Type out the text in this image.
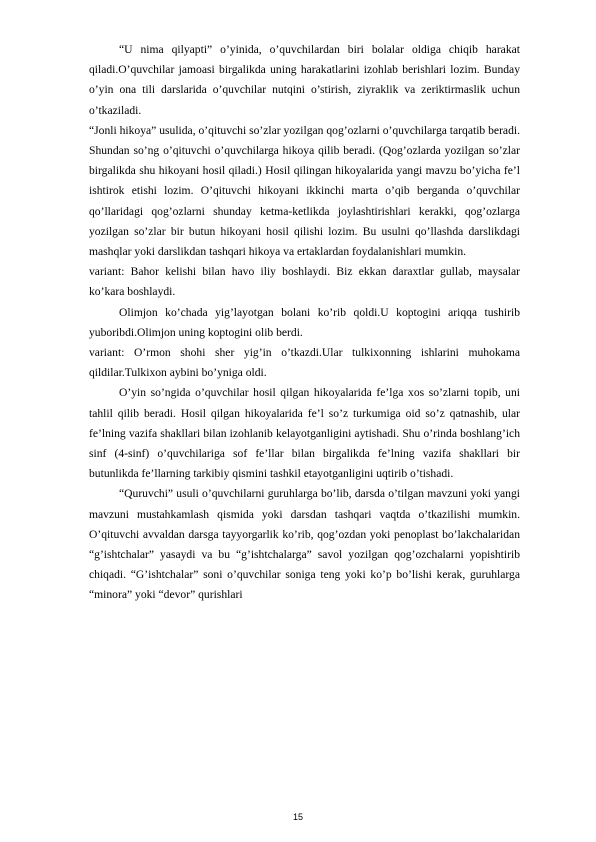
“U nima qilyapti” o’yinida, o’quvchilardan biri bolalar oldiga chiqib harakat qiladi.O’quvchilar jamoasi birgalikda uning harakatlarini izohlab berishlari lozim. Bunday o’yin ona tili darslarida o’quvchilar nutqini o’stirish, ziyraklik va zeriktirmaslik uchun o’tkaziladi.

“Jonli hikoya” usulida, o’qituvchi so’zlar yozilgan qog’ozlarni o’quvchilarga tarqatib beradi. Shundan so’ng o’qituvchi o’quvchilarga hikoya qilib beradi. (Qog’ozlarda yozilgan so’zlar birgalikda shu hikoyani hosil qiladi.) Hosil qilingan hikoyalarida yangi mavzu bo’yicha fe’l ishtirok etishi lozim. O’qituvchi hikoyani ikkinchi marta o’qib berganda o’quvchilar qo’llaridagi qog’ozlarni shunday ketma-ketlikda joylashtirishlari kerakki, qog’ozlarga yozilgan so’zlar bir butun hikoyani hosil qilishi lozim. Bu usulni qo’llashda darslikdagi mashqlar yoki darslikdan tashqari hikoya va ertaklardan foydalanishlari mumkin.

variant: Bahor kelishi bilan havo iliy boshlaydi. Biz ekkan daraxtlar gullab, maysalar ko’kara boshlaydi.

Olimjon ko’chada yig’layotgan bolani ko’rib qoldi.U koptogini ariqqa tushirib yuboribdi.Olimjon uning koptogini olib berdi.

variant: O’rmon shohi sher yig’in o’tkazdi.Ular tulkixonning ishlarini muhokama qildilar.Tulkixon aybini bo’yniga oldi.

O’yin so’ngida o’quvchilar hosil qilgan hikoyalarida fe’lga xos so’zlarni topib, uni tahlil qilib beradi. Hosil qilgan hikoyalarida fe’l so’z turkumiga oid so’z qatnashib, ular fe’lning vazifa shakllari bilan izohlanib kelayotganligini aytishadi. Shu o’rinda boshlang’ich sinf (4-sinf) o’quvchilariga sof fe’llar bilan birgalikda fe’lning vazifa shakllari bir butunlikda fe’llarning tarkibiy qismini tashkil etayotganligini uqtirib o’tishadi.

“Quruvchi” usuli o’quvchilarni guruhlarga bo’lib, darsda o’tilgan mavzuni yoki yangi mavzuni mustahkamlash qismida yoki darsdan tashqari vaqtda o’tkazilishi mumkin. O’qituvchi avvaldan darsga tayyorgarlik ko’rib, qog’ozdan yoki penoplast bo’lakchalaridan “g’ishtchalar” yasaydi va bu “g’ishtchalarga” savol yozilgan qog’ozchalarni yopishtirib chiqadi. “G’ishtchalar” soni o’quvchilar soniga teng yoki ko’p bo’lishi kerak, guruhlarga “minora” yoki “devor” qurishlari

15
